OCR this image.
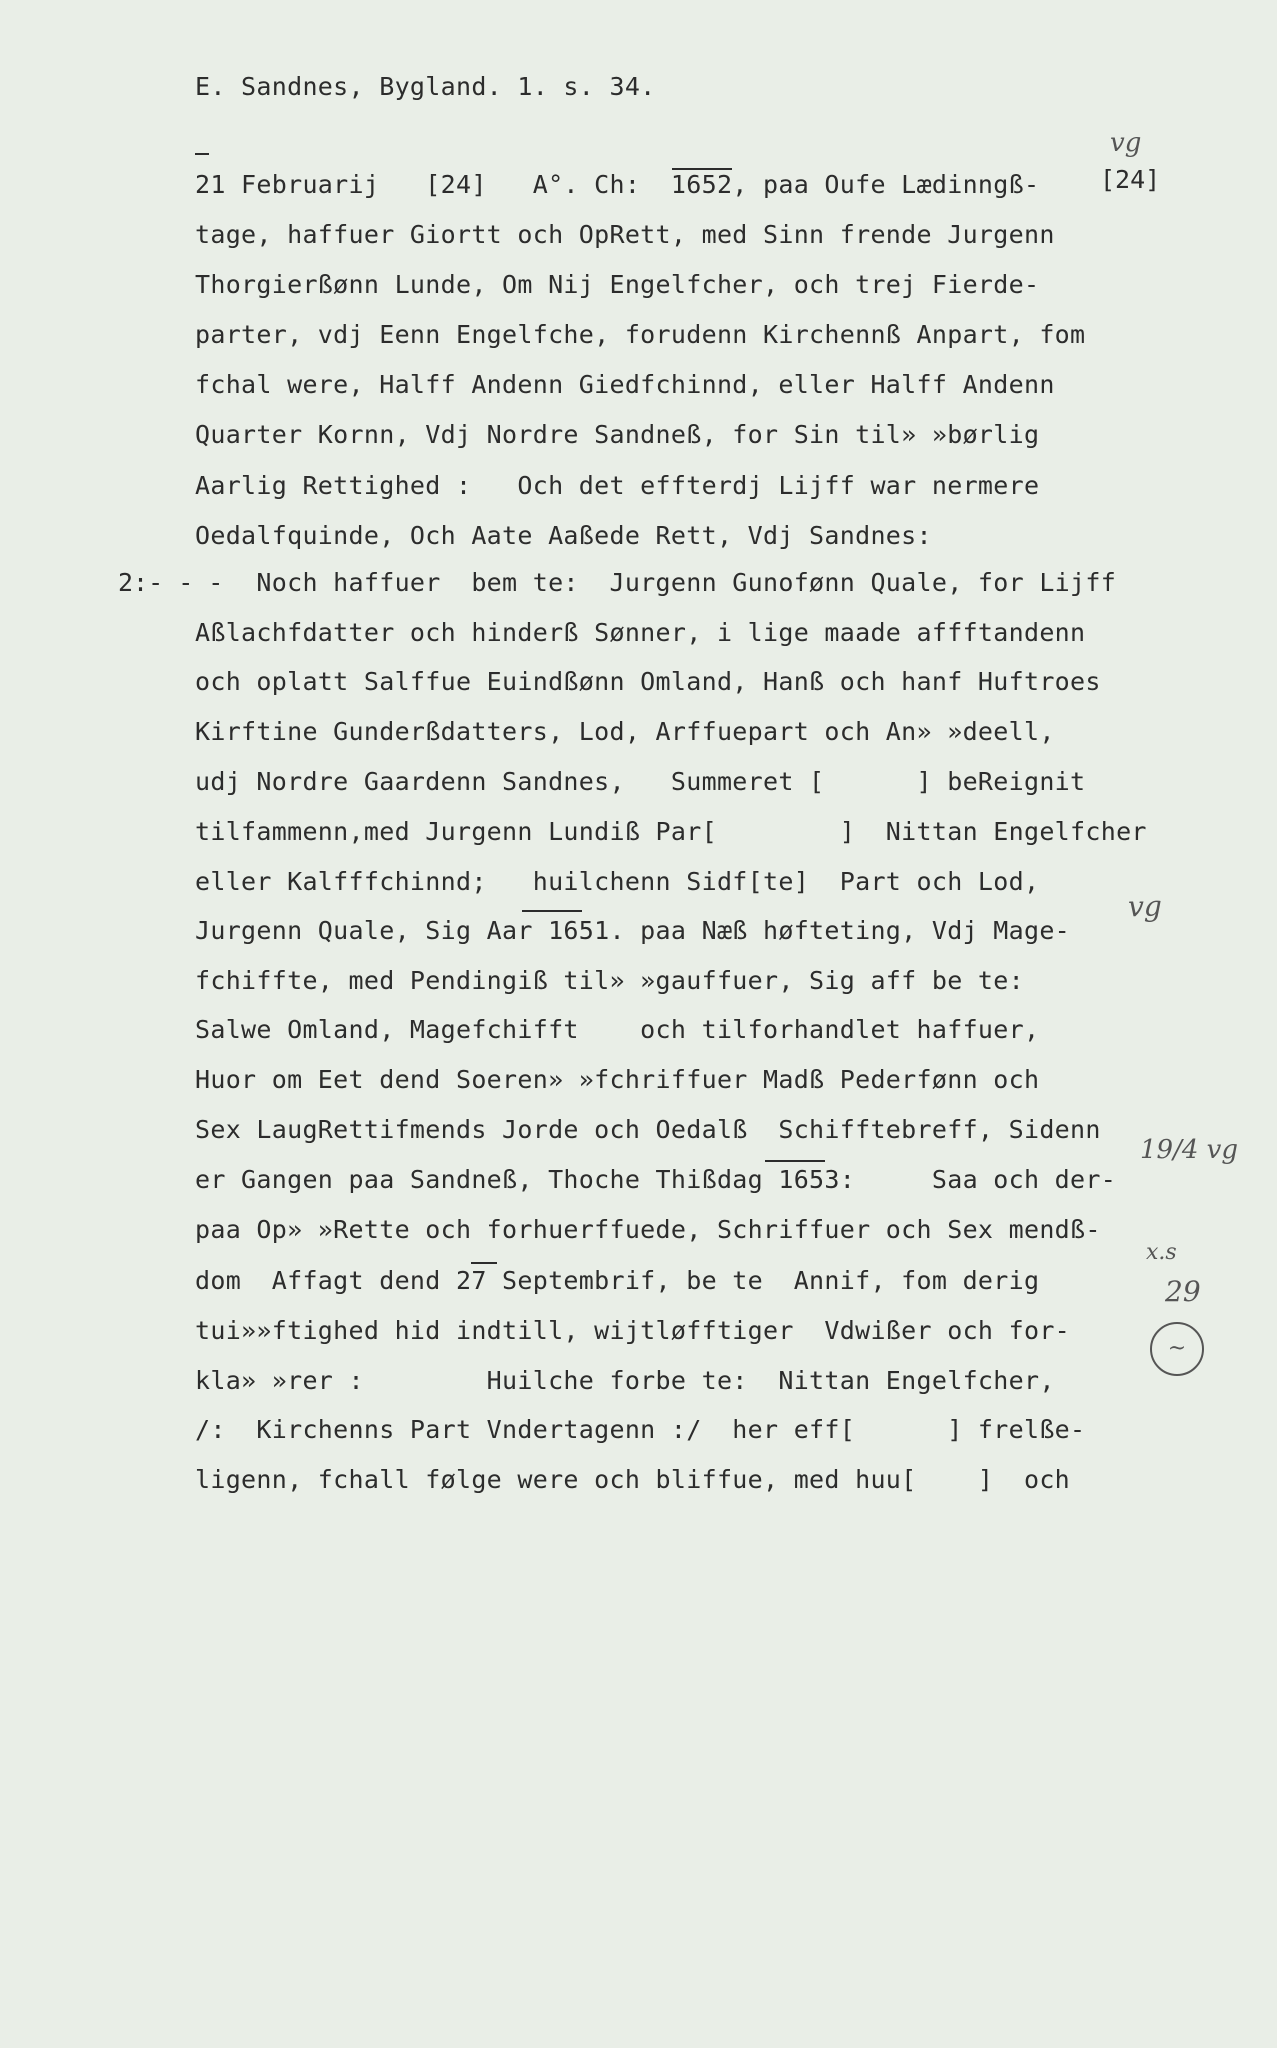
E. Sandnes, Bygland. 1. s. 34.
[24]
2:- - -
vg
vg
19/4 vg
x.s
29
~
21 Februarij   [24]   A°. Ch:  1652, paa Oufe Lædinngß-
tage, haffuer Giortt och OpRett, med Sinn frende Jurgenn
Thorgierßønn Lunde, Om Nij Engelfcher, och trej Fierde-
parter, vdj Eenn Engelfche, forudenn Kirchennß Anpart, fom
fchal were, Halff Andenn Giedfchinnd, eller Halff Andenn
Quarter Kornn, Vdj Nordre Sandneß, for Sin til» »børlig
Aarlig Rettighed :   Och det effterdj Lijff war nermere
Oedalfquinde, Och Aate Aaßede Rett, Vdj Sandnes:
Noch haffuer  bem te:  Jurgenn Gunofønn Quale, for Lijff
Aßlachfdatter och hinderß Sønner, i lige maade affftandenn
och oplatt Salffue Euindßønn Omland, Hanß och hanf Huftroes
Kirftine Gunderßdatters, Lod, Arffuepart och An» »deell,
udj Nordre Gaardenn Sandnes,   Summeret [      ] beReignit
tilfammenn,med Jurgenn Lundiß Par[        ]  Nittan Engelfcher
eller Kalfffchinnd;   huilchenn Sidf[te]  Part och Lod,
Jurgenn Quale, Sig Aar 1651. paa Næß høfteting, Vdj Mage-
fchiffte, med Pendingiß til» »gauffuer, Sig aff be te:
Salwe Omland, Magefchifft    och tilforhandlet haffuer,
Huor om Eet dend Soeren» »fchriffuer Madß Pederfønn och
Sex LaugRettifmends Jorde och Oedalß  Schifftebreff, Sidenn
er Gangen paa Sandneß, Thoche Thißdag 1653:     Saa och der-
paa Op» »Rette och forhuerffuede, Schriffuer och Sex mendß-
dom  Affagt dend 27 Septembrif, be te  Annif, fom derig
tui»»ftighed hid indtill, wijtløfftiger  Vdwißer och for-
kla» »rer :        Huilche forbe te:  Nittan Engelfcher,
/:  Kirchenns Part Vndertagenn :/  her eff[      ] frelße-
ligenn, fchall følge were och bliffue, med huu[    ]  och
